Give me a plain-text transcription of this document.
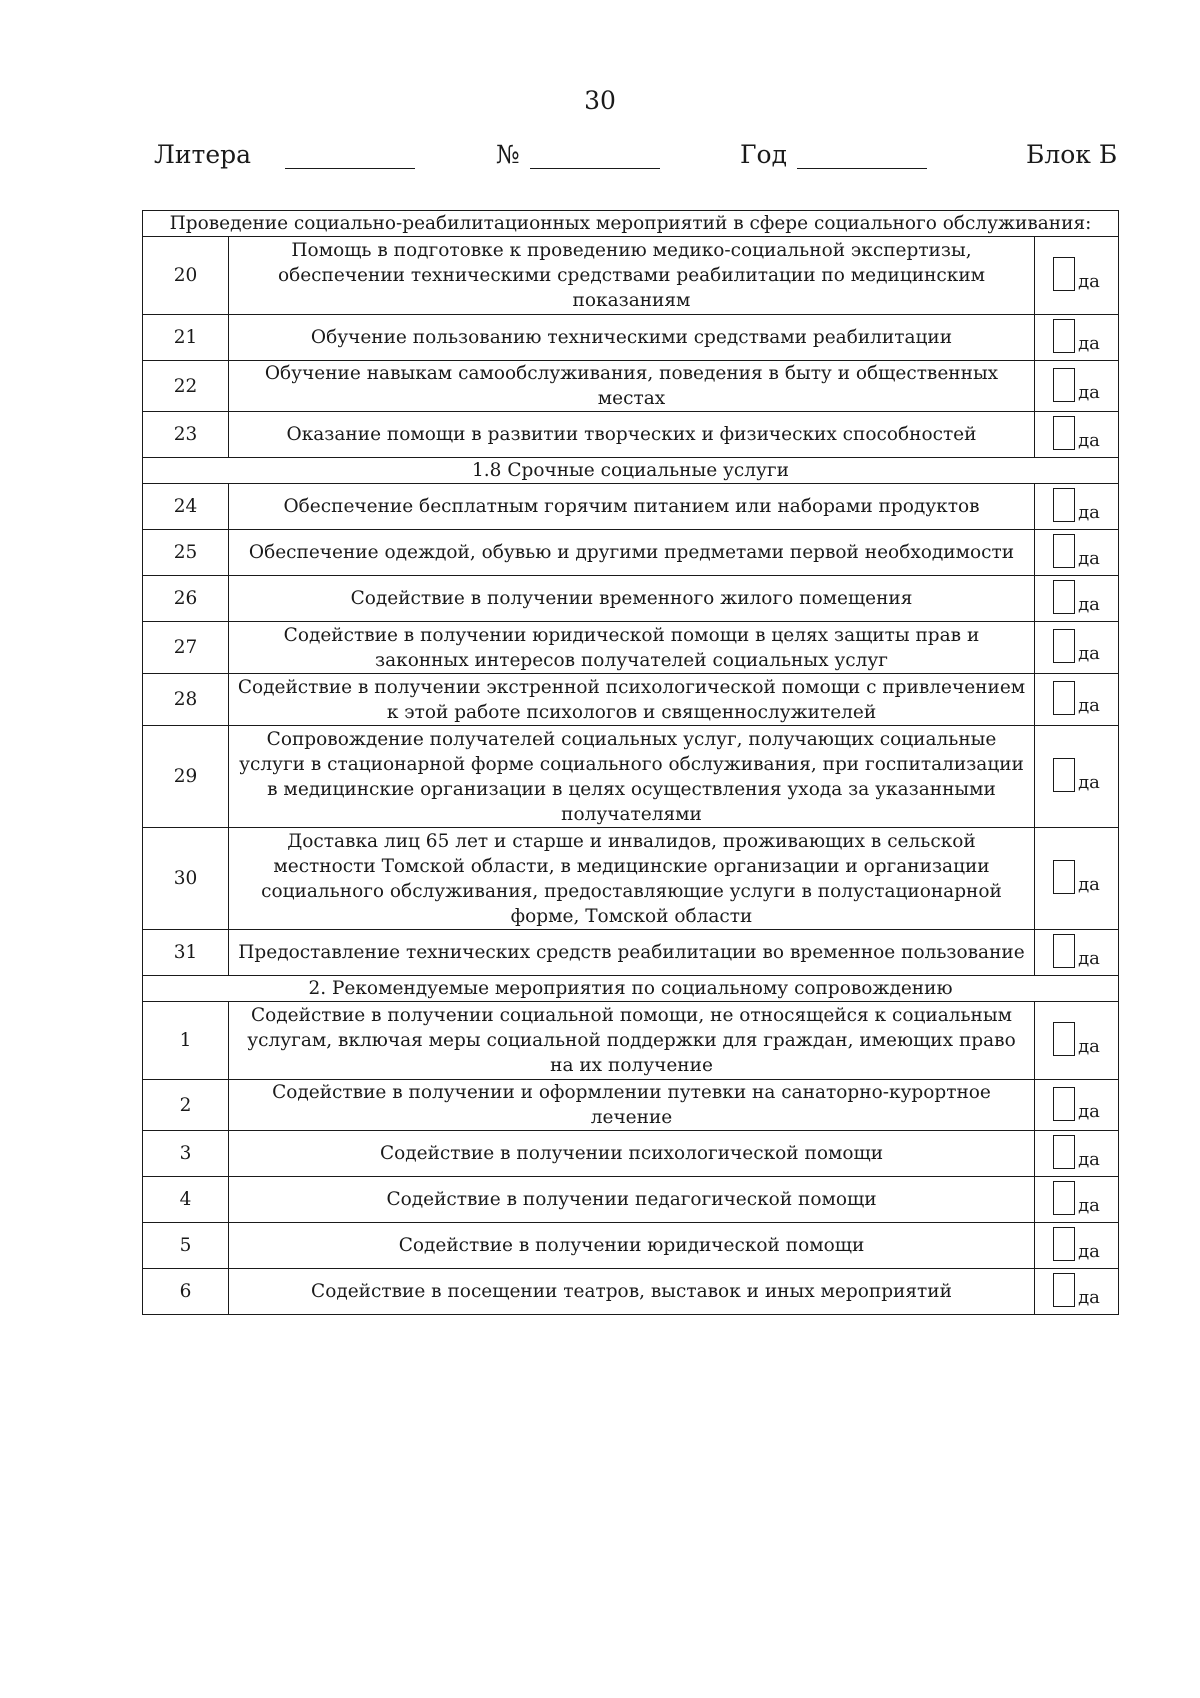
30
Литера	№	Год	Блок Б
Проведение социально-реабилитационных мероприятий в сфере социального обслуживания:		
20	Помощь в подготовке к проведению медико-социальной экспертизы, обеспечении техническими средствами реабилитации по медицинским показаниям	да
21	Обучение пользованию техническими средствами реабилитации	да
22	Обучение навыкам самообслуживания, поведения в быту и общественных местах	да
23	Оказание помощи в развитии творческих и физических способностей	да
1.8 Срочные социальные услуги		
24	Обеспечение бесплатным горячим питанием или наборами продуктов	да
25	Обеспечение одеждой, обувью и другими предметами первой необходимости	да
26	Содействие в получении временного жилого помещения	да
27	Содействие в получении юридической помощи в целях защиты прав и законных интересов получателей социальных услуг	да
28	Содействие в получении экстренной психологической помощи с привлечением к этой работе психологов и священнослужителей	да
29	Сопровождение получателей социальных услуг, получающих социальные услуги в стационарной форме социального обслуживания, при госпитализации в медицинские организации в целях осуществления ухода за указанными получателями	да
30	Доставка лиц 65 лет и старше и инвалидов, проживающих в сельской местности Томской области, в медицинские организации и организации социального обслуживания, предоставляющие услуги в полустационарной форме, Томской области	да
31	Предоставление технических средств реабилитации во временное пользование	да
2. Рекомендуемые мероприятия по социальному сопровождению		
1	Содействие в получении социальной помощи, не относящейся к социальным услугам, включая меры социальной поддержки для граждан, имеющих право на их получение	да
2	Содействие в получении и оформлении путевки на санаторно-курортное лечение	да
3	Содействие в получении психологической помощи	да
4	Содействие в получении педагогической помощи	да
5	Содействие в получении юридической помощи	да
6	Содействие в посещении театров, выставок и иных мероприятий	да
